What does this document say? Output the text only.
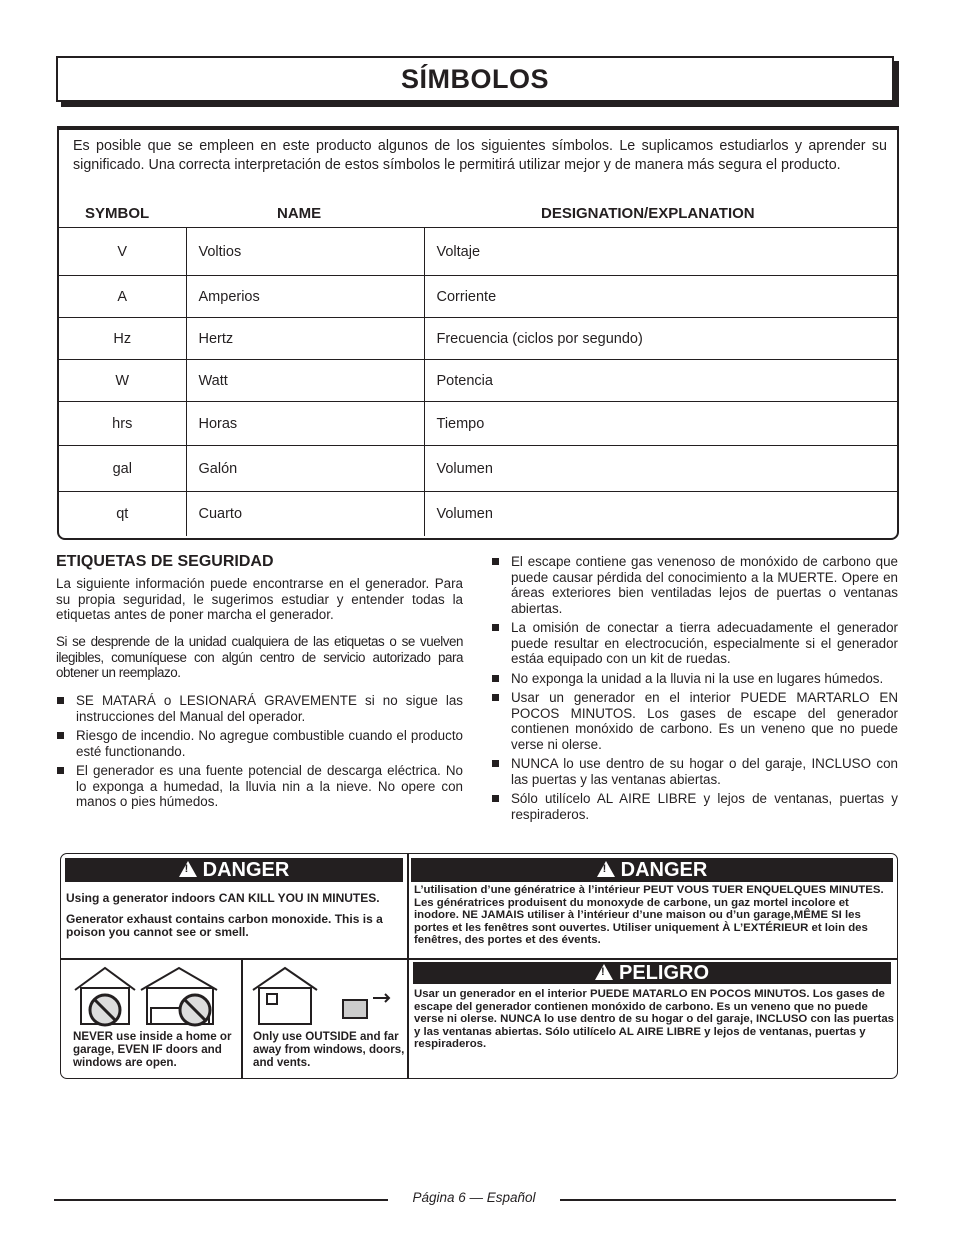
SÍMBOLOS
Es posible que se empleen en este producto algunos de los siguientes símbolos. Le suplicamos estudiarlos y aprender su significado. Una correcta interpretación de estos símbolos le permitirá utilizar mejor y de manera más segura el producto.
SYMBOL	NAME	DESIGNATION/EXPLANATION
V	Voltios	Voltaje
A	Amperios	Corriente
Hz	Hertz	Frecuencia (ciclos por segundo)
W	Watt	Potencia
hrs	Horas	Tiempo
gal	Galón	Volumen
qt	Cuarto	Volumen
ETIQUETAS DE SEGURIDAD
La siguiente información puede encontrarse en el generador. Para su propia seguridad, le sugerimos estudiar y entender todas la etiquetas antes de poner marcha el generador.
Si se desprende de la unidad cualquiera de las etiquetas o se vuelven ilegibles, comuníquese con algún centro de servicio autorizado para obtener un reemplazo.
SE MATARÁ o LESIONARÁ GRAVEMENTE si no sigue las instrucciones del Manual del operador.
Riesgo de incendio. No agregue combustible cuando el producto esté functionando.
El generador es una fuente potencial de descarga eléctrica. No lo exponga a humedad, la lluvia nin a la nieve. No opere con manos o pies húmedos.
El escape contiene gas venenoso de monóxido de carbono que puede causar pérdida del conocimiento a la MUERTE. Opere en áreas exteriores bien ventiladas lejos de puertas o ventanas abiertas.
La omisión de conectar a tierra adecuadamente el generador puede resultar en electrocución, especialmente si el generador estáa equipado con un kit de ruedas.
No exponga la unidad a la lluvia ni la use en lugares húmedos.
Usar un generador en el interior PUEDE MARTARLO EN POCOS MINUTOS. Los gases de escape del generador contienen monóxido de carbono. Es un veneno que no puede verse ni olerse.
NUNCA lo use dentro de su hogar o del garaje, INCLUSO con las puertas y las ventanas abiertas.
Sólo utilícelo AL AIRE LIBRE y lejos de ventanas, puertas y respiraderos.
!DANGER !	DANGER
!PELIGRO
Using a generator indoors CAN KILL YOU IN MINUTES.
Generator exhaust contains carbon monoxide. This is a poison you cannot see or smell.
L’utilisation d’une génératrice à l’intérieur PEUT VOUS TUER ENQUELQUES MINUTES. Les génératrices produisent du monoxyde de carbone, un gaz mortel incolore et inodore. NE JAMAIS utiliser à l’intérieur d’une maison ou d’un garage,MÊME SI les portes et les fenêtres sont ouvertes. Utiliser uniquement À L’EXTÉRIEUR et loin des fenêtres, des portes et des évents.
Usar un generador en el interior PUEDE MATARLO EN POCOS MINUTOS. Los gases de escape del generador contienen monóxido de carbono. Es un veneno que no puede verse ni olerse. NUNCA lo use dentro de su hogar o del garaje, INCLUSO con las puertas y las ventanas abiertas. Sólo utilícelo AL AIRE LIBRE y lejos de ventanas, puertas y respiraderos.
NEVER use inside a home or garage, EVEN IF doors and windows are open.
Only use OUTSIDE and far away from windows, doors, and vents.
Página 6 — Español
